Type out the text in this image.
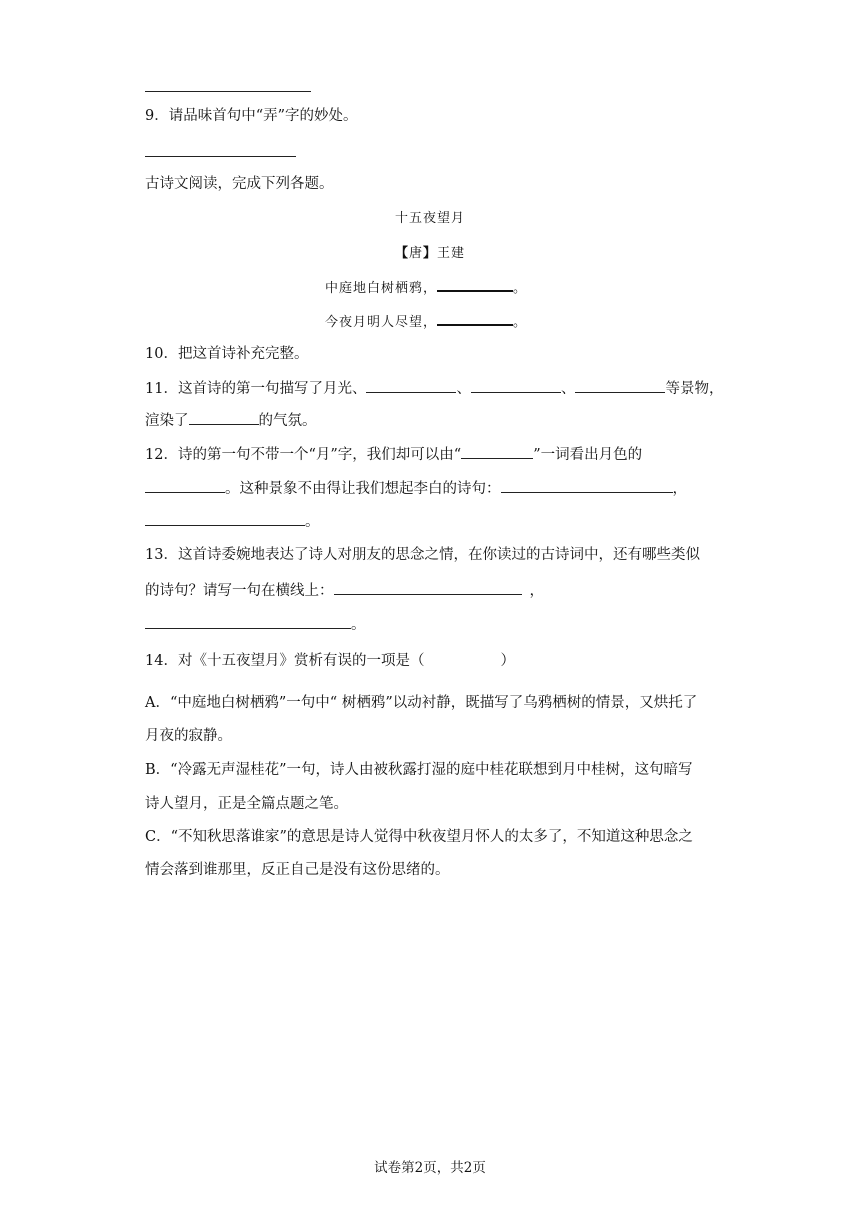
9．请品味首句中“弄”字的妙处。
古诗文阅读，完成下列各题。
十五夜望月
【唐】王建
中庭地白树栖鸦，	。
今夜月明人尽望，	。
10．把这首诗补充完整。
11．这首诗的第一句描写了月光、	、	、	等景物，
渲染了	的气氛。
12．诗的第一句不带一个“月”字，我们却可以由“	”一词看出月色的
。这种景象不由得让我们想起李白的诗句：	，
。
13．这首诗委婉地表达了诗人对朋友的思念之情，在你读过的古诗词中，还有哪些类似
的诗句？请写一句在横线上：	，
。
14．对《十五夜望月》赏析有误的一项是（	）
A．“中庭地白树栖鸦”一句中“ 树栖鸦”以动衬静，既描写了乌鸦栖树的情景，又烘托了
月夜的寂静。
B．“冷露无声湿桂花”一句，诗人由被秋露打湿的庭中桂花联想到月中桂树，这句暗写
诗人望月，正是全篇点题之笔。
C．“不知秋思落谁家”的意思是诗人觉得中秋夜望月怀人的太多了，不知道这种思念之
情会落到谁那里，反正自己是没有这份思绪的。
试卷第2页，共2页
